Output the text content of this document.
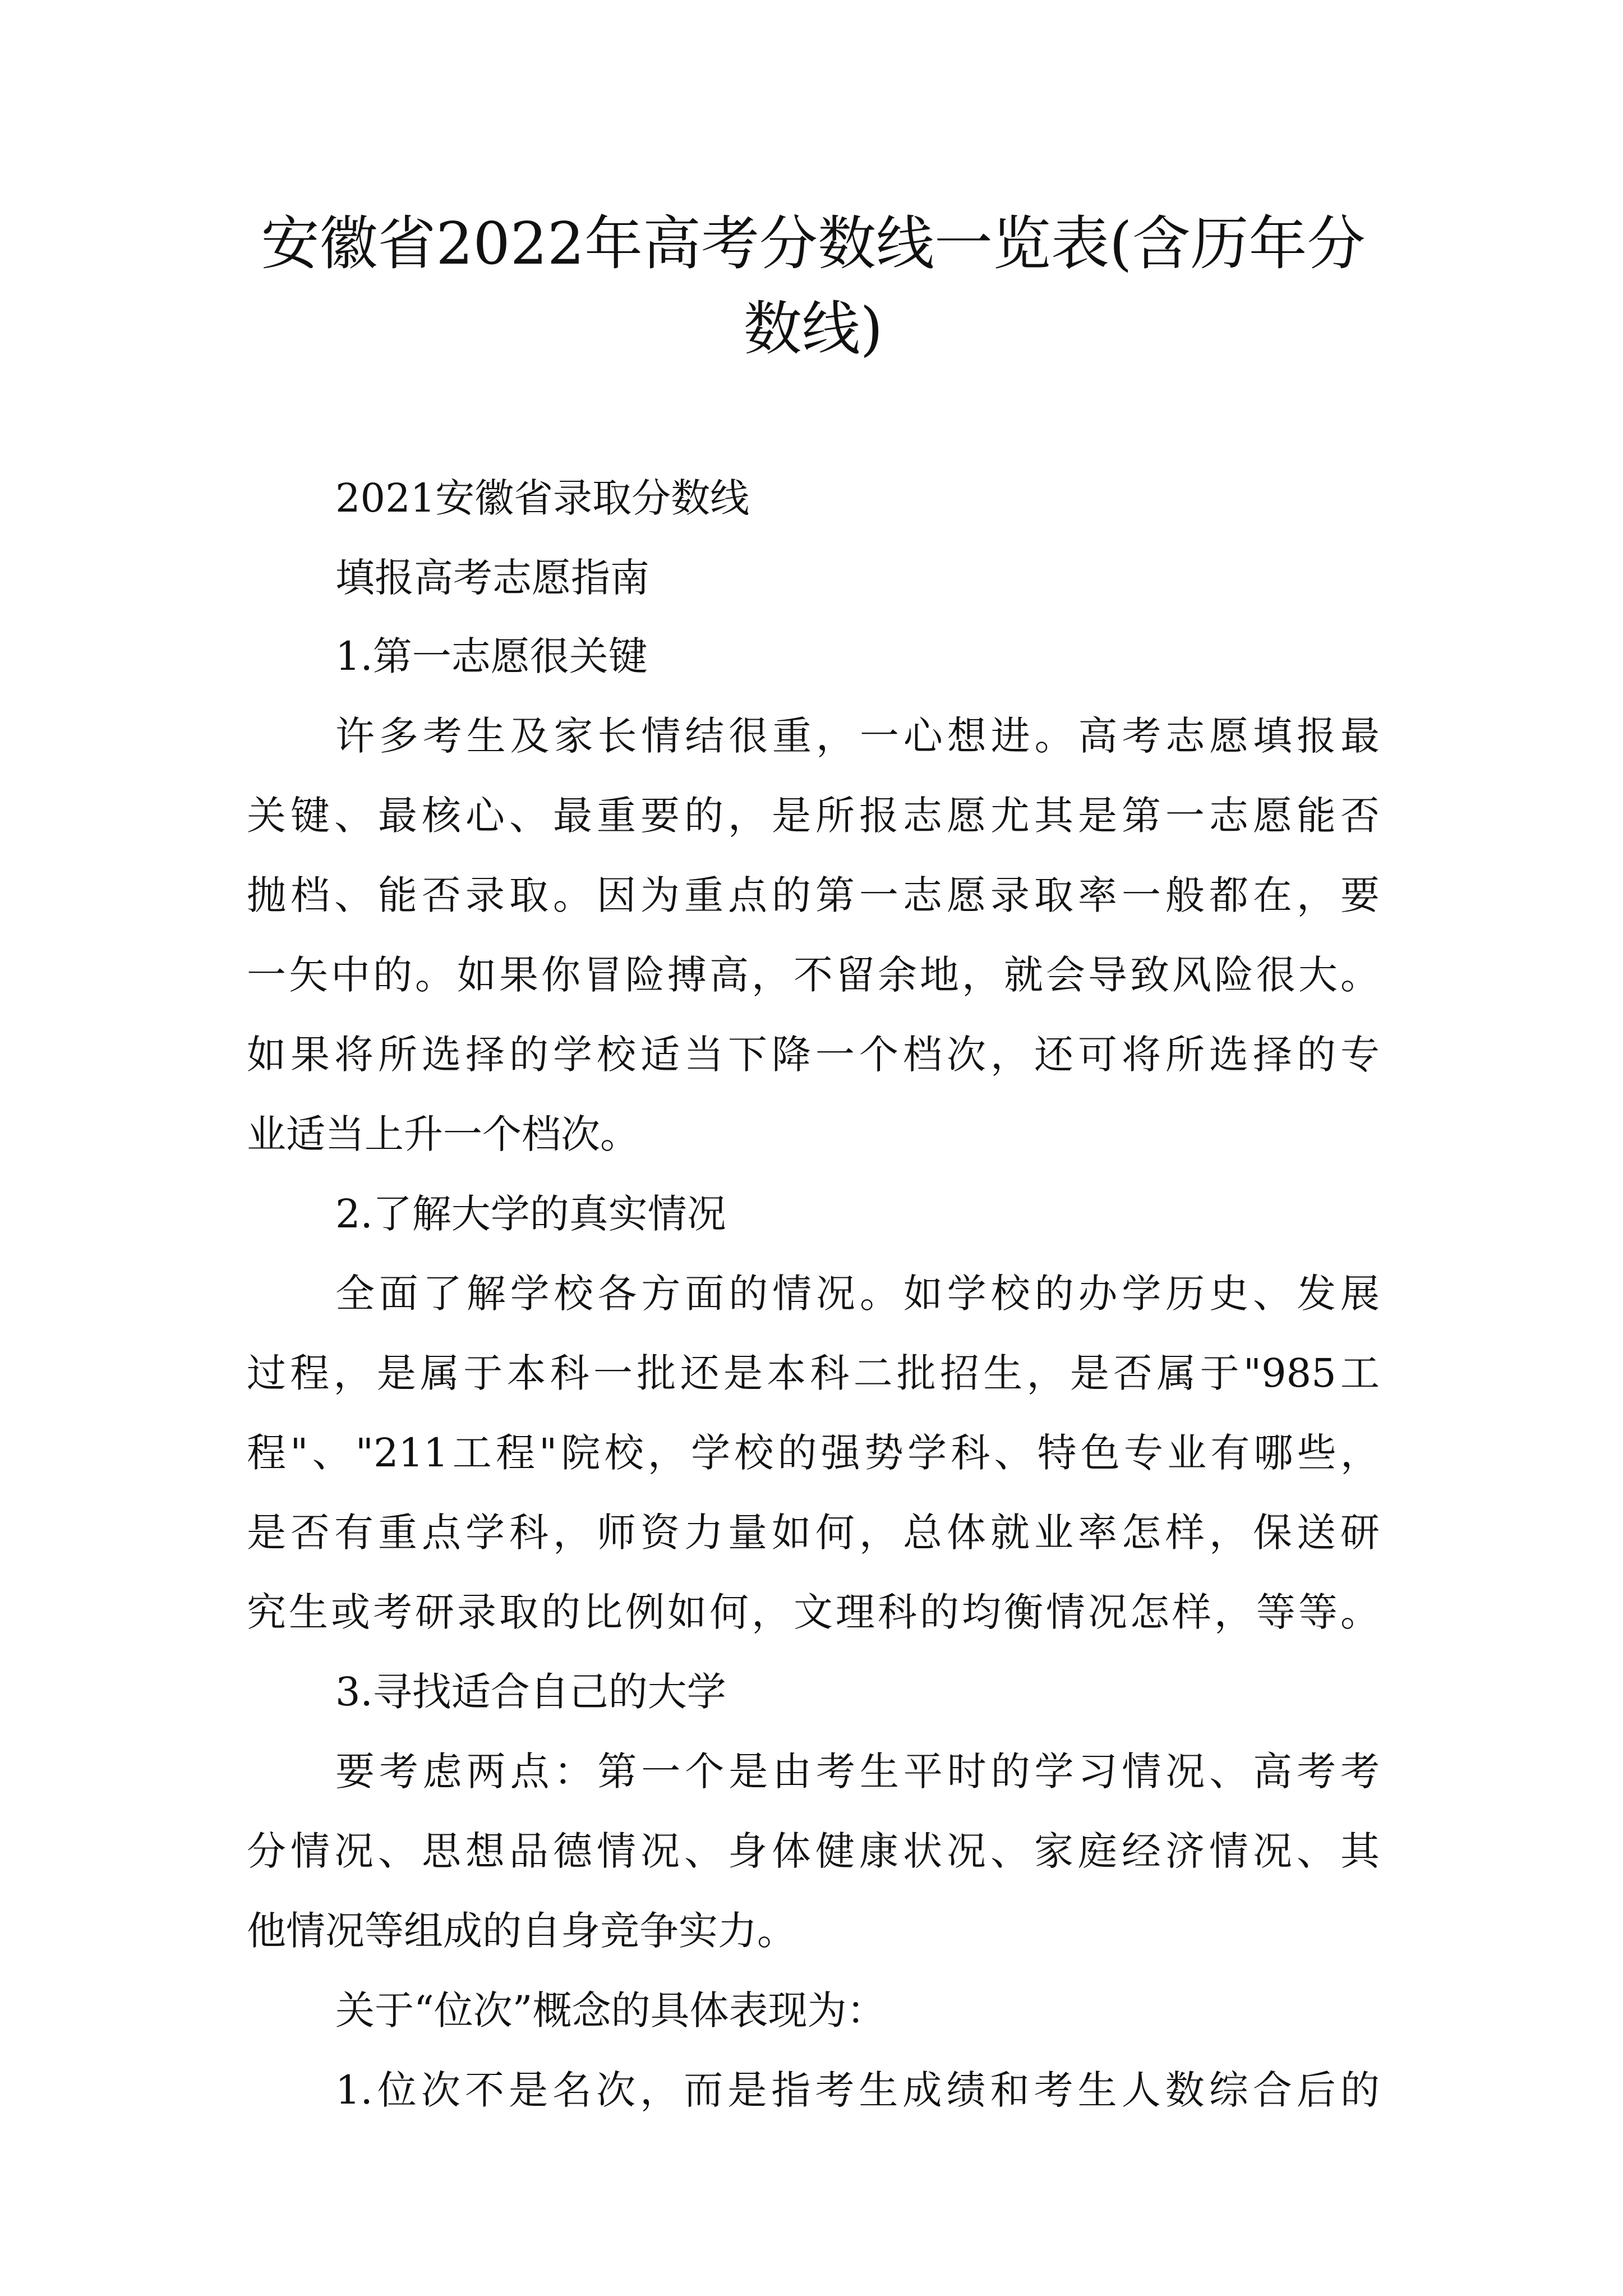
安徽省2022年高考分数线一览表(含历年分
数线)

2021安徽省录取分数线

填报高考志愿指南

1.第一志愿很关键

许多考生及家长情结很重，一心想进。高考志愿填报最

关键、最核心、最重要的，是所报志愿尤其是第一志愿能否

抛档、能否录取。因为重点的第一志愿录取率一般都在，要

一矢中的。如果你冒险搏高，不留余地，就会导致风险很大。

如果将所选择的学校适当下降一个档次，还可将所选择的专

业适当上升一个档次。

2.了解大学的真实情况

全面了解学校各方面的情况。如学校的办学历史、发展

过程，是属于本科一批还是本科二批招生，是否属于"985工

程"、"211工程"院校，学校的强势学科、特色专业有哪些，

是否有重点学科，师资力量如何，总体就业率怎样，保送研

究生或考研录取的比例如何，文理科的均衡情况怎样，等等。

3.寻找适合自己的大学

要考虑两点：第一个是由考生平时的学习情况、高考考

分情况、思想品德情况、身体健康状况、家庭经济情况、其

他情况等组成的自身竞争实力。

关于“位次”概念的具体表现为：

1.位次不是名次，而是指考生成绩和考生人数综合后的
